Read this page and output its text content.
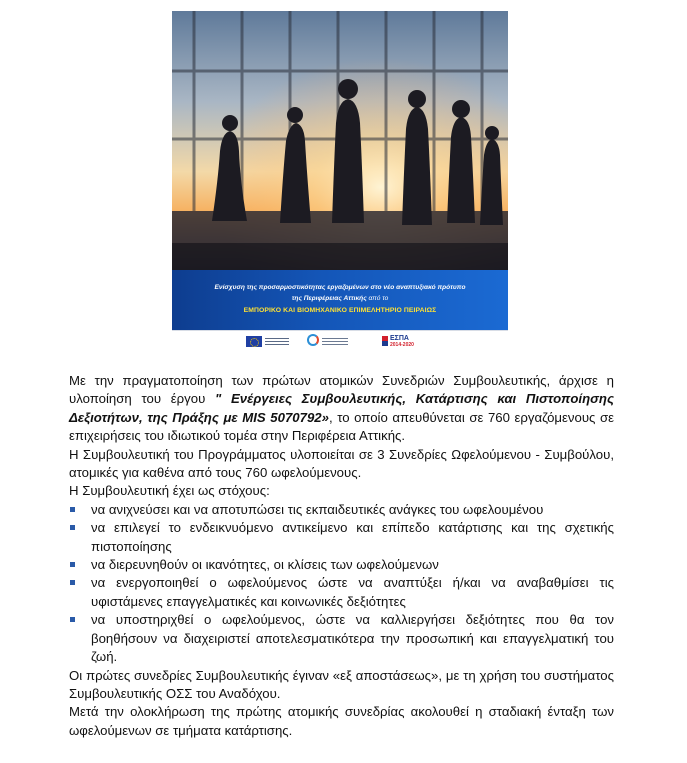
Ενίσχυση της προσαρμοστικότητας εργαζομένων στο νέο αναπτυξιακό πρότυπο
της Περιφέρειας Αττικής από το
ΕΜΠΟΡΙΚΟ ΚΑΙ ΒΙΟΜΗΧΑΝΙΚΟ ΕΠΙΜΕΛΗΤΗΡΙΟ ΠΕΙΡΑΙΩΣ
ΕΣΠΑ
2014-2020

Με την πραγματοποίηση των πρώτων ατομικών Συνεδριών Συμβουλευτικής, άρχισε η υλοποίηση του έργου " Ενέργειες Συμβουλευτικής, Κατάρτισης και Πιστοποίησης Δεξιοτήτων, της Πράξης με MIS 5070792», το οποίο απευθύνεται σε 760 εργαζόμενους σε επιχειρήσεις του ιδιωτικού τομέα στην Περιφέρεια Αττικής.

Η Συμβουλευτική του Προγράμματος υλοποιείται σε 3 Συνεδρίες Ωφελούμενου - Συμβούλου, ατομικές για καθένα από τους 760 ωφελούμενους.

Η Συμβουλευτική έχει ως στόχους:

να ανιχνεύσει και να αποτυπώσει τις εκπαιδευτικές ανάγκες του ωφελουμένου
να επιλεγεί το ενδεικνυόμενο αντικείμενο και επίπεδο κατάρτισης και της σχετικής πιστοποίησης
να διερευνηθούν οι ικανότητες, οι κλίσεις των ωφελούμενων
να ενεργοποιηθεί ο ωφελούμενος ώστε να αναπτύξει ή/και να αναβαθμίσει τις υφιστάμενες επαγγελματικές και κοινωνικές δεξιότητες
να υποστηριχθεί ο ωφελούμενος, ώστε να καλλιεργήσει δεξιότητες που θα τον βοηθήσουν να διαχειριστεί αποτελεσματικότερα την προσωπική και επαγγελματική του ζωή.

Οι πρώτες συνεδρίες Συμβουλευτικής έγιναν «εξ αποστάσεως», με τη χρήση του συστήματος Συμβουλευτικής ΟΣΣ του Αναδόχου.

Μετά την ολοκλήρωση της πρώτης ατομικής συνεδρίας ακολουθεί η σταδιακή ένταξη των ωφελούμενων σε τμήματα κατάρτισης.
